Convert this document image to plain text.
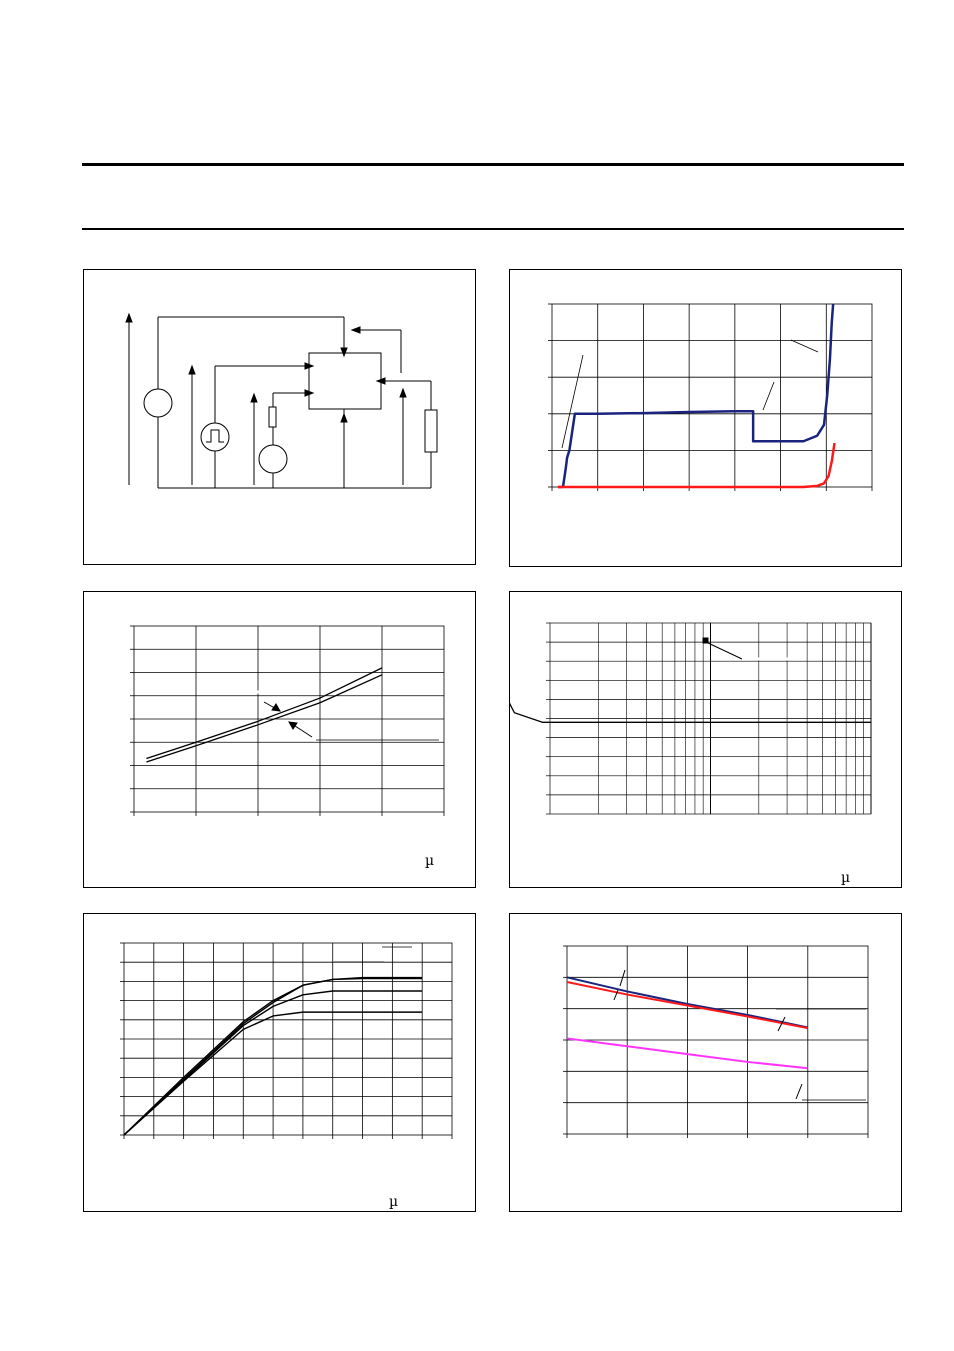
µ
µ
µ
